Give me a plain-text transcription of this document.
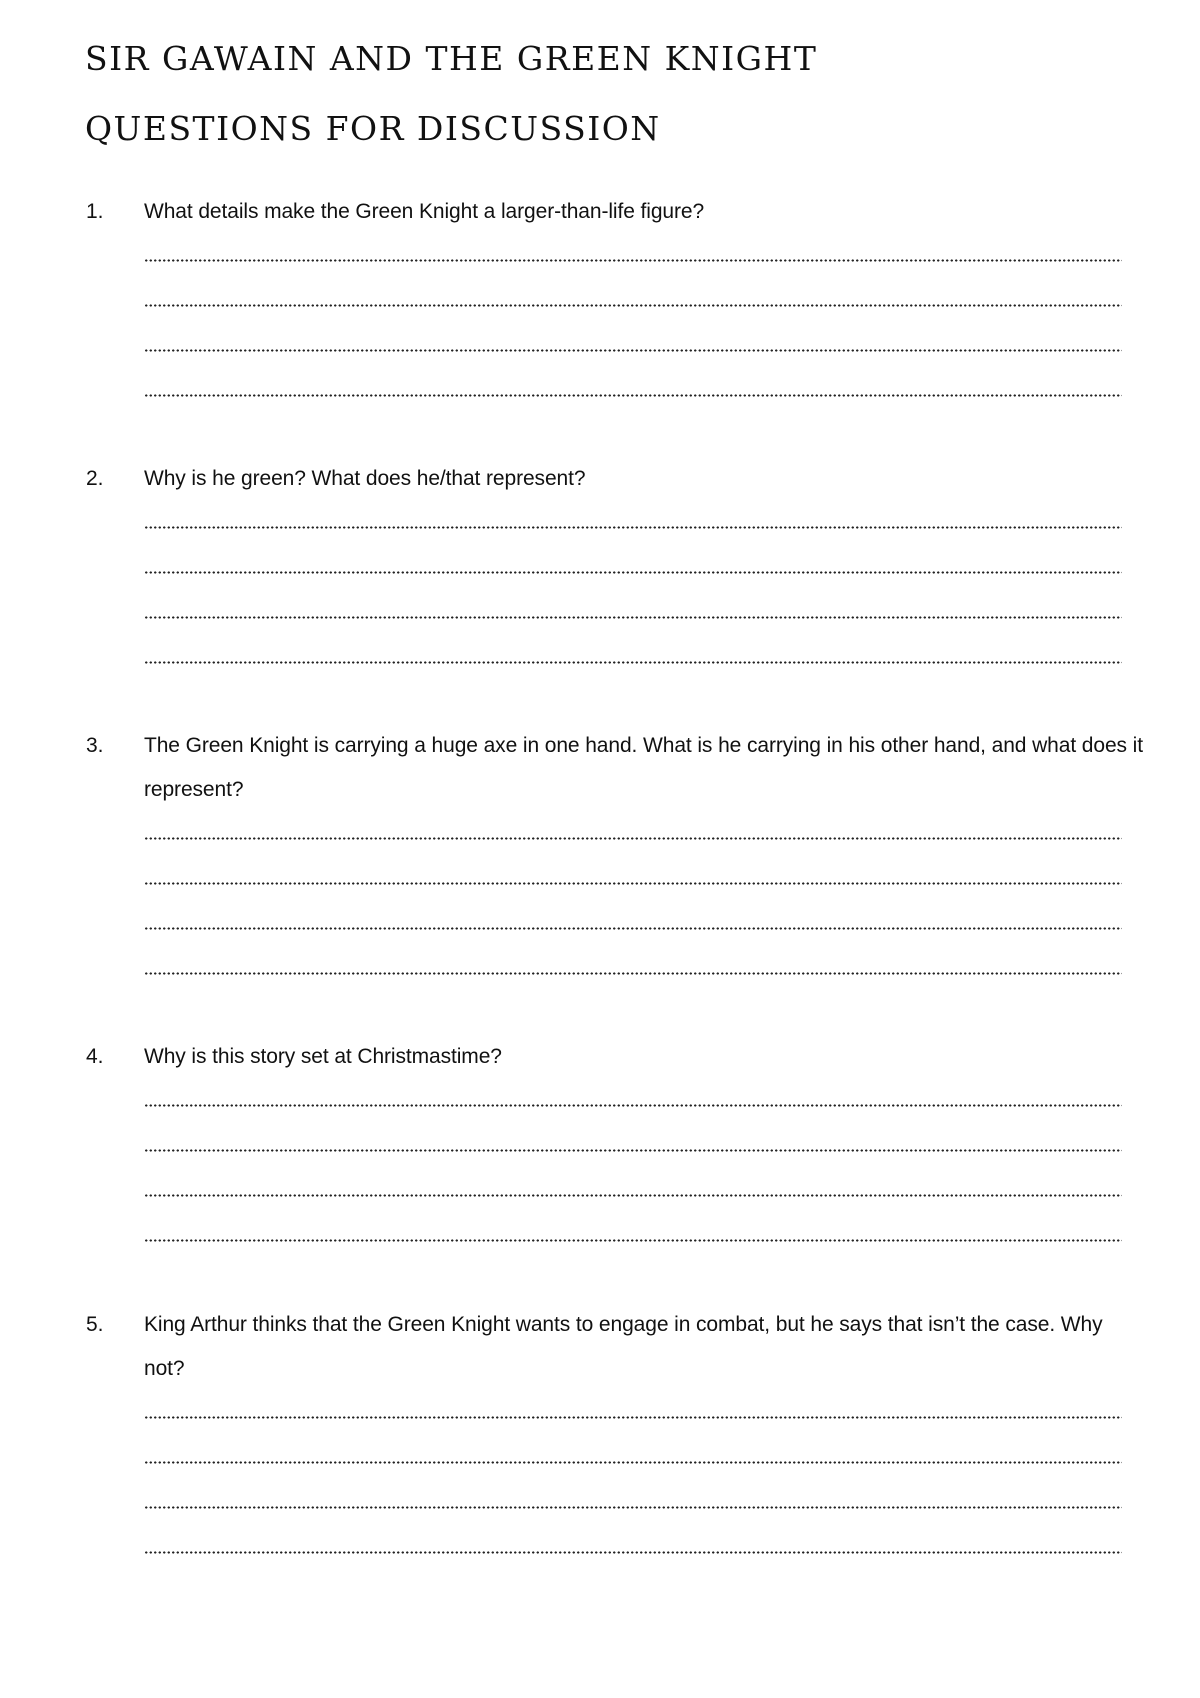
SIR GAWAIN AND THE GREEN KNIGHT
QUESTIONS FOR DISCUSSION
1. What details make the Green Knight a larger-than-life figure?
2. Why is he green? What does he/that represent?
3. The Green Knight is carrying a huge axe in one hand. What is he carrying in his other hand, and what does it represent?
4. Why is this story set at Christmastime?
5. King Arthur thinks that the Green Knight wants to engage in combat, but he says that isn’t the case. Why not?
